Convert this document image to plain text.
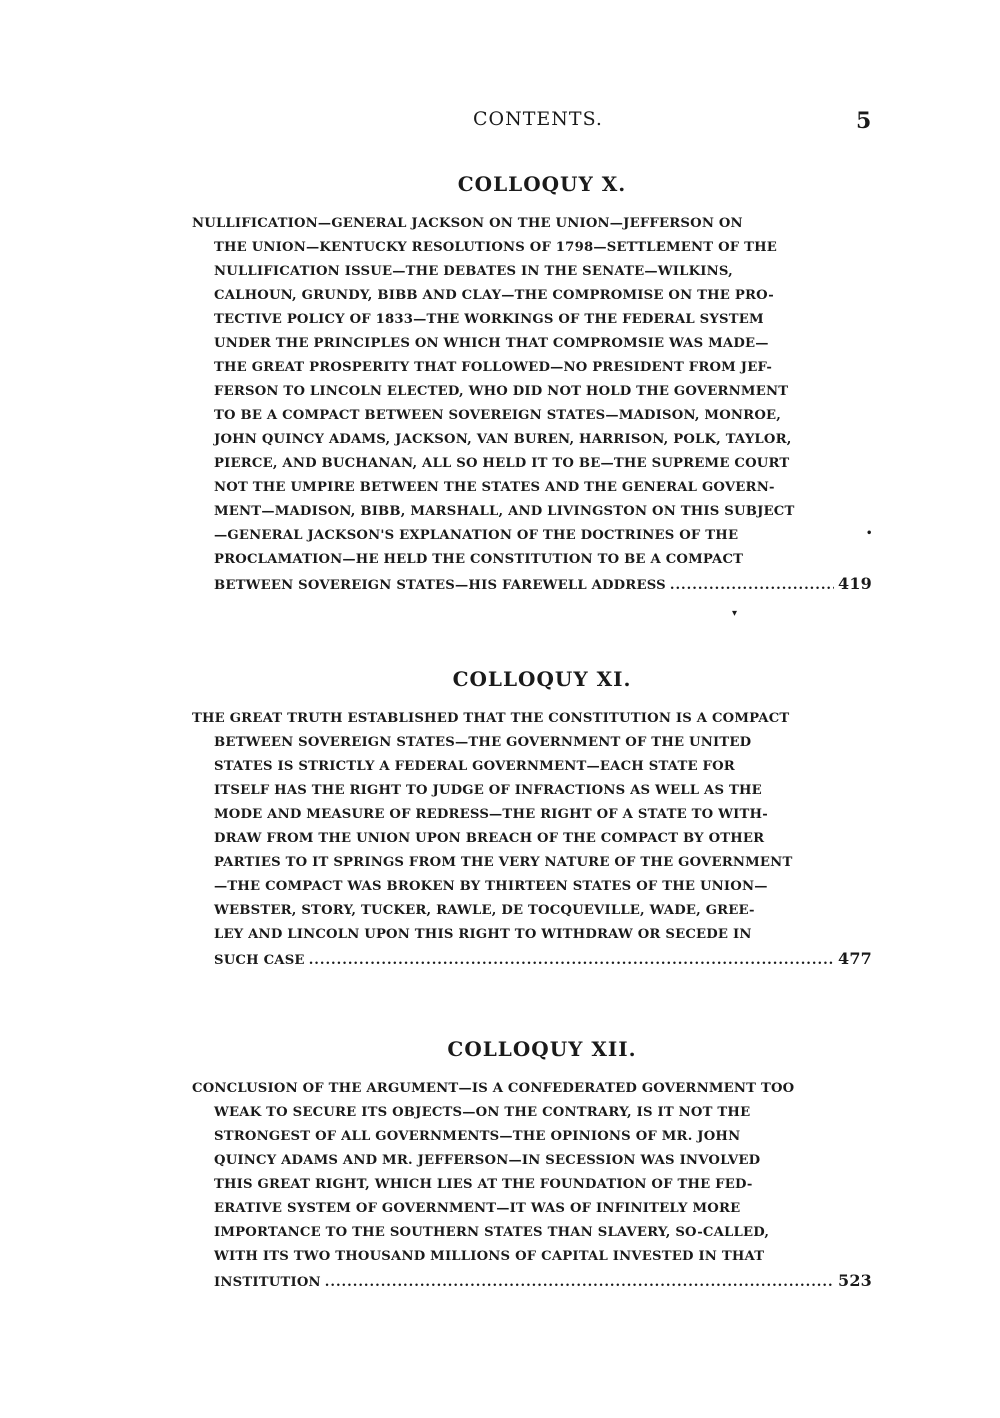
CONTENTS.	5
COLLOQUY X.

NULLIFICATION—GENERAL JACKSON ON THE UNION—JEFFERSON ON
THE UNION—KENTUCKY RESOLUTIONS OF 1798—SETTLEMENT OF THE
NULLIFICATION ISSUE—THE DEBATES IN THE SENATE—WILKINS,
CALHOUN, GRUNDY, BIBB AND CLAY—THE COMPROMISE ON THE PRO-
TECTIVE POLICY OF 1833—THE WORKINGS OF THE FEDERAL SYSTEM
UNDER THE PRINCIPLES ON WHICH THAT COMPROMSIE WAS MADE—
THE GREAT PROSPERITY THAT FOLLOWED—NO PRESIDENT FROM JEF-
FERSON TO LINCOLN ELECTED, WHO DID NOT HOLD THE GOVERNMENT
TO BE A COMPACT BETWEEN SOVEREIGN STATES—MADISON, MONROE,
JOHN QUINCY ADAMS, JACKSON, VAN BUREN, HARRISON, POLK, TAYLOR,
PIERCE, AND BUCHANAN, ALL SO HELD IT TO BE—THE SUPREME COURT
NOT THE UMPIRE BETWEEN THE STATES AND THE GENERAL GOVERN-
MENT—MADISON, BIBB, MARSHALL, AND LIVINGSTON ON THIS SUBJECT
—GENERAL JACKSON'S EXPLANATION OF THE DOCTRINES OF THE
PROCLAMATION—HE HELD THE CONSTITUTION TO BE A COMPACT
BETWEEN SOVEREIGN STATES—HIS FAREWELL ADDRESS .....	419

•
▾
COLLOQUY XI.

THE GREAT TRUTH ESTABLISHED THAT THE CONSTITUTION IS A COMPACT
BETWEEN SOVEREIGN STATES—THE GOVERNMENT OF THE UNITED
STATES IS STRICTLY A FEDERAL GOVERNMENT—EACH STATE FOR
ITSELF HAS THE RIGHT TO JUDGE OF INFRACTIONS AS WELL AS THE
MODE AND MEASURE OF REDRESS—THE RIGHT OF A STATE TO WITH-
DRAW FROM THE UNION UPON BREACH OF THE COMPACT BY OTHER
PARTIES TO IT SPRINGS FROM THE VERY NATURE OF THE GOVERNMENT
—THE COMPACT WAS BROKEN BY THIRTEEN STATES OF THE UNION—
WEBSTER, STORY, TUCKER, RAWLE, DE TOCQUEVILLE, WADE, GREE-
LEY AND LINCOLN UPON THIS RIGHT TO WITHDRAW OR SECEDE IN
SUCH CASE .....	477

COLLOQUY XII.

CONCLUSION OF THE ARGUMENT—IS A CONFEDERATED GOVERNMENT TOO
WEAK TO SECURE ITS OBJECTS—ON THE CONTRARY, IS IT NOT THE
STRONGEST OF ALL GOVERNMENTS—THE OPINIONS OF MR. JOHN
QUINCY ADAMS AND MR. JEFFERSON—IN SECESSION WAS INVOLVED
THIS GREAT RIGHT, WHICH LIES AT THE FOUNDATION OF THE FED-
ERATIVE SYSTEM OF GOVERNMENT—IT WAS OF INFINITELY MORE
IMPORTANCE TO THE SOUTHERN STATES THAN SLAVERY, SO-CALLED,
WITH ITS TWO THOUSAND MILLIONS OF CAPITAL INVESTED IN THAT
INSTITUTION .....	523
